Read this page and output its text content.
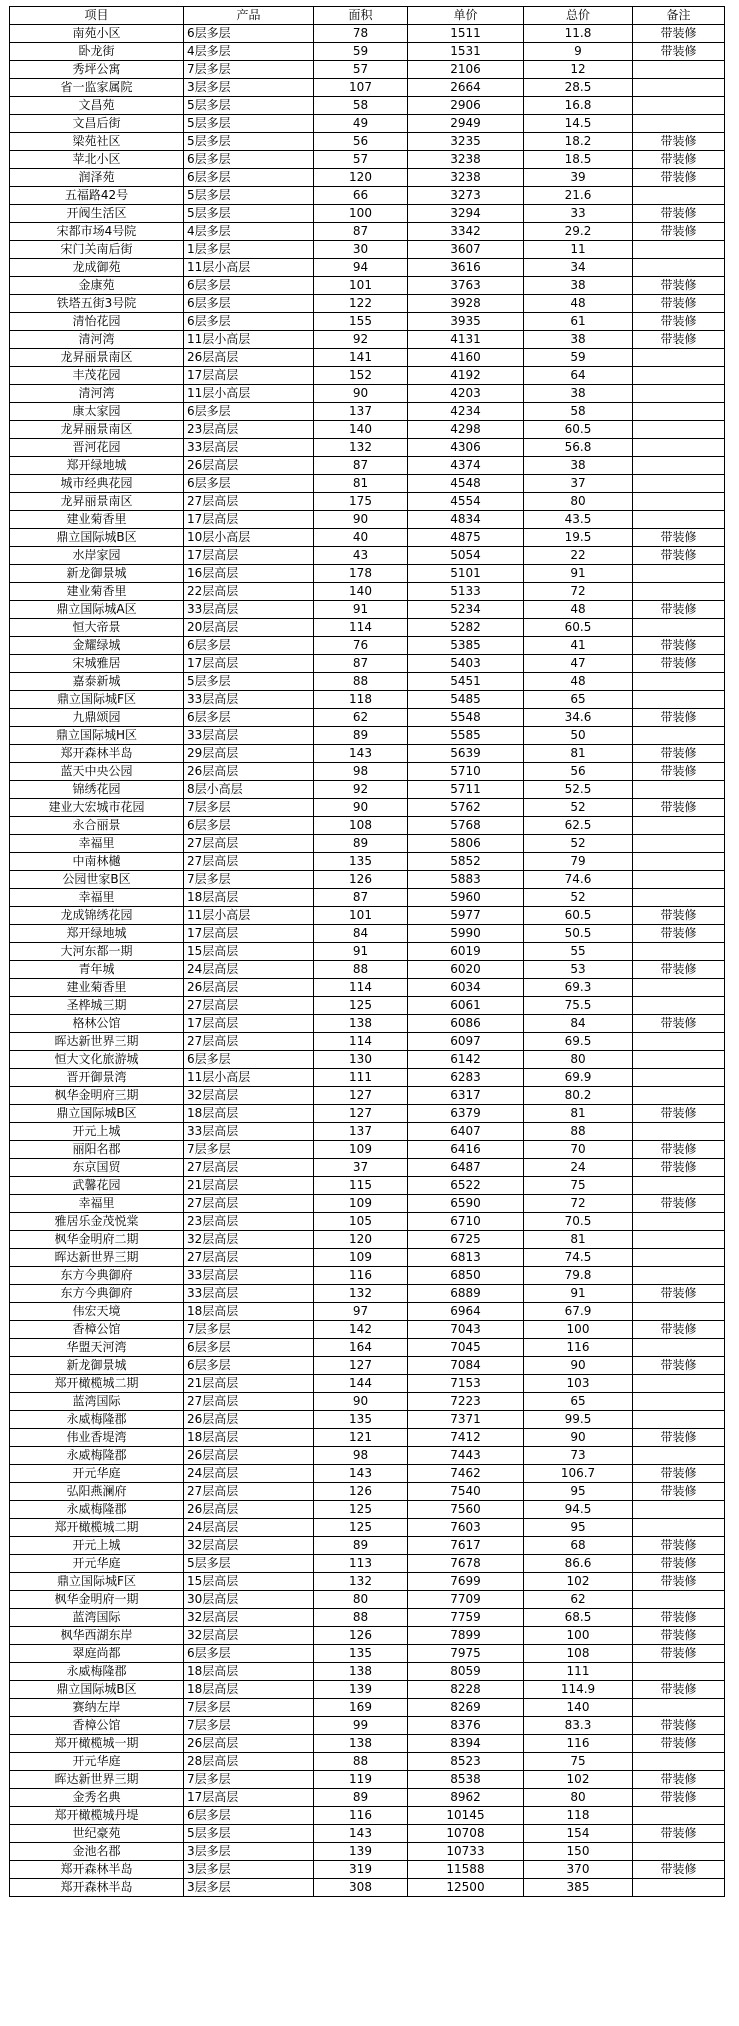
项目	产品	面积	单价	总价	备注
南苑小区	6层多层	78	1511	11.8	带装修
卧龙街	4层多层	59	1531	9	带装修
秀坪公寓	7层多层	57	2106	12	
省一监家属院	3层多层	107	2664	28.5	
文昌苑	5层多层	58	2906	16.8	
文昌后街	5层多层	49	2949	14.5	
梁苑社区	5层多层	56	3235	18.2	带装修
苹北小区	6层多层	57	3238	18.5	带装修
润泽苑	6层多层	120	3238	39	带装修
五福路42号	5层多层	66	3273	21.6	
开阀生活区	5层多层	100	3294	33	带装修
宋都市场4号院	4层多层	87	3342	29.2	带装修
宋门关南后街	1层多层	30	3607	11	
龙成御苑	11层小高层	94	3616	34	
金康苑	6层多层	101	3763	38	带装修
铁塔五街3号院	6层多层	122	3928	48	带装修
清怡花园	6层多层	155	3935	61	带装修
清河湾	11层小高层	92	4131	38	带装修
龙昇丽景南区	26层高层	141	4160	59	
丰茂花园	17层高层	152	4192	64	
清河湾	11层小高层	90	4203	38	
康太家园	6层多层	137	4234	58	
龙昇丽景南区	23层高层	140	4298	60.5	
晋河花园	33层高层	132	4306	56.8	
郑开绿地城	26层高层	87	4374	38	
城市经典花园	6层多层	81	4548	37	
龙昇丽景南区	27层高层	175	4554	80	
建业菊香里	17层高层	90	4834	43.5	
鼎立国际城B区	10层小高层	40	4875	19.5	带装修
水岸家园	17层高层	43	5054	22	带装修
新龙御景城	16层高层	178	5101	91	
建业菊香里	22层高层	140	5133	72	
鼎立国际城A区	33层高层	91	5234	48	带装修
恒大帝景	20层高层	114	5282	60.5	
金耀绿城	6层多层	76	5385	41	带装修
宋城雅居	17层高层	87	5403	47	带装修
嘉泰新城	5层多层	88	5451	48	
鼎立国际城F区	33层高层	118	5485	65	
九鼎颂园	6层多层	62	5548	34.6	带装修
鼎立国际城H区	33层高层	89	5585	50	
郑开森林半岛	29层高层	143	5639	81	带装修
蓝天中央公园	26层高层	98	5710	56	带装修
锦绣花园	8层小高层	92	5711	52.5	
建业大宏城市花园	7层多层	90	5762	52	带装修
永合丽景	6层多层	108	5768	62.5	
幸福里	27层高层	89	5806	52	
中南林樾	27层高层	135	5852	79	
公园世家B区	7层多层	126	5883	74.6	
幸福里	18层高层	87	5960	52	
龙成锦绣花园	11层小高层	101	5977	60.5	带装修
郑开绿地城	17层高层	84	5990	50.5	带装修
大河东都一期	15层高层	91	6019	55	
青年城	24层高层	88	6020	53	带装修
建业菊香里	26层高层	114	6034	69.3	
圣桦城三期	27层高层	125	6061	75.5	
格林公馆	17层高层	138	6086	84	带装修
晖达新世界三期	27层高层	114	6097	69.5	
恒大文化旅游城	6层多层	130	6142	80	
晋开御景湾	11层小高层	111	6283	69.9	
枫华金明府三期	32层高层	127	6317	80.2	
鼎立国际城B区	18层高层	127	6379	81	带装修
开元上城	33层高层	137	6407	88	
丽阳名郡	7层多层	109	6416	70	带装修
东京国贸	27层高层	37	6487	24	带装修
武馨花园	21层高层	115	6522	75	
幸福里	27层高层	109	6590	72	带装修
雅居乐金茂悦棠	23层高层	105	6710	70.5	
枫华金明府二期	32层高层	120	6725	81	
晖达新世界三期	27层高层	109	6813	74.5	
东方今典御府	33层高层	116	6850	79.8	
东方今典御府	33层高层	132	6889	91	带装修
伟宏天境	18层高层	97	6964	67.9	
香樟公馆	7层多层	142	7043	100	带装修
华盟天河湾	6层多层	164	7045	116	
新龙御景城	6层多层	127	7084	90	带装修
郑开橄榄城二期	21层高层	144	7153	103	
蓝湾国际	27层高层	90	7223	65	
永威梅隆郡	26层高层	135	7371	99.5	
伟业香堤湾	18层高层	121	7412	90	带装修
永威梅隆郡	26层高层	98	7443	73	
开元华庭	24层高层	143	7462	106.7	带装修
弘阳燕澜府	27层高层	126	7540	95	带装修
永威梅隆郡	26层高层	125	7560	94.5	
郑开橄榄城二期	24层高层	125	7603	95	
开元上城	32层高层	89	7617	68	带装修
开元华庭	5层多层	113	7678	86.6	带装修
鼎立国际城F区	15层高层	132	7699	102	带装修
枫华金明府一期	30层高层	80	7709	62	
蓝湾国际	32层高层	88	7759	68.5	带装修
枫华西湖东岸	32层高层	126	7899	100	带装修
翠庭尚都	6层多层	135	7975	108	带装修
永威梅隆郡	18层高层	138	8059	111	
鼎立国际城B区	18层高层	139	8228	114.9	带装修
赛纳左岸	7层多层	169	8269	140	
香樟公馆	7层多层	99	8376	83.3	带装修
郑开橄榄城一期	26层高层	138	8394	116	带装修
开元华庭	28层高层	88	8523	75	
晖达新世界三期	7层多层	119	8538	102	带装修
金秀名典	17层高层	89	8962	80	带装修
郑开橄榄城丹堤	6层多层	116	10145	118	
世纪豪苑	5层多层	143	10708	154	带装修
金池名郡	3层多层	139	10733	150	
郑开森林半岛	3层多层	319	11588	370	带装修
郑开森林半岛	3层多层	308	12500	385	
